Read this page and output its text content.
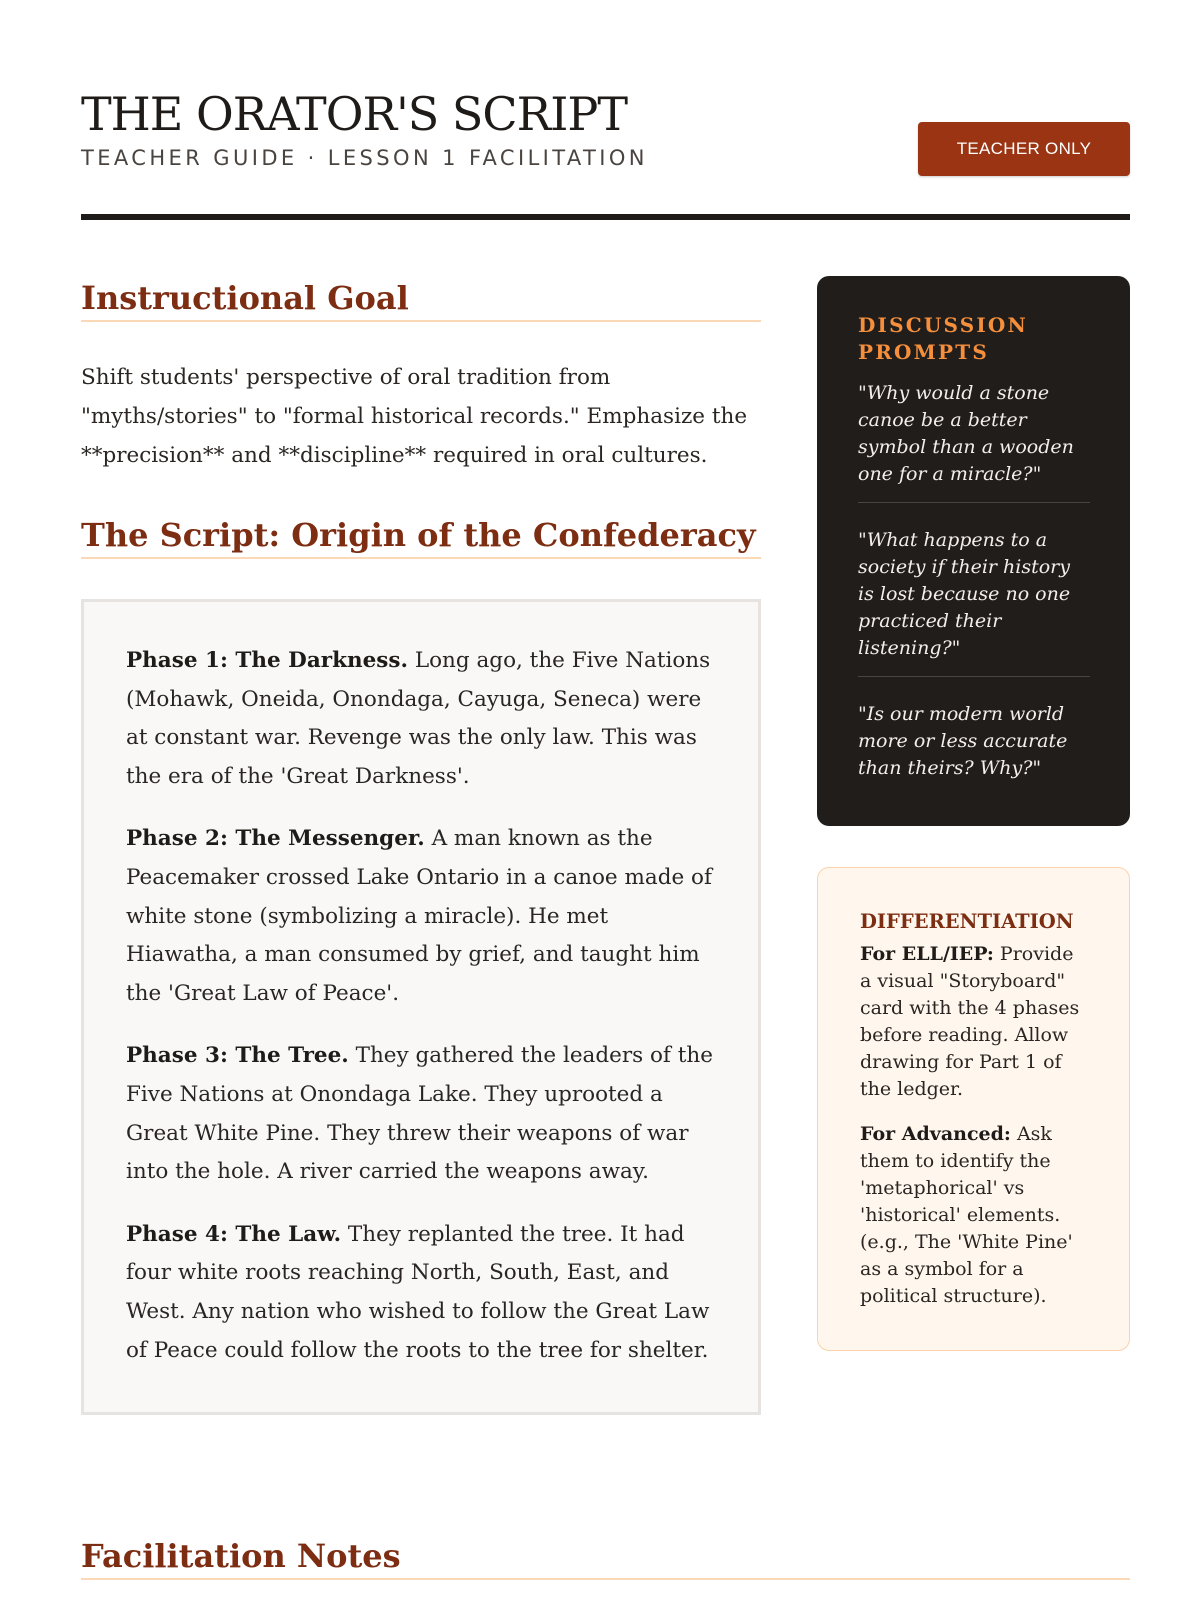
THE ORATOR'S SCRIPT
TEACHER GUIDE · LESSON 1 FACILITATION	TEACHER ONLY
Instructional Goal

Shift students' perspective of oral tradition from "myths/stories" to "formal historical records." Emphasize the **precision** and **discipline** required in oral cultures.

The Script: Origin of the Confederacy

Phase 1: The Darkness. Long ago, the Five Nations (Mohawk, Oneida, Onondaga, Cayuga, Seneca) were at constant war. Revenge was the only law. This was the era of the 'Great Darkness'.

Phase 2: The Messenger. A man known as the Peacemaker crossed Lake Ontario in a canoe made of white stone (symbolizing a miracle). He met Hiawatha, a man consumed by grief, and taught him the 'Great Law of Peace'.

Phase 3: The Tree. They gathered the leaders of the Five Nations at Onondaga Lake. They uprooted a Great White Pine. They threw their weapons of war into the hole. A river carried the weapons away.

Phase 4: The Law. They replanted the tree. It had four white roots reaching North, South, East, and West. Any nation who wished to follow the Great Law of Peace could follow the roots to the tree for shelter.

Facilitation Notes
DISCUSSION PROMPTS
"Why would a stone canoe be a better symbol than a wooden one for a miracle?"
"What happens to a society if their history is lost because no one practiced their listening?"
"Is our modern world more or less accurate than theirs? Why?"
DIFFERENTIATION

For ELL/IEP: Provide a visual "Storyboard" card with the 4 phases before reading. Allow drawing for Part 1 of the ledger.

For Advanced: Ask them to identify the 'metaphorical' vs 'historical' elements. (e.g., The 'White Pine' as a symbol for a political structure).
